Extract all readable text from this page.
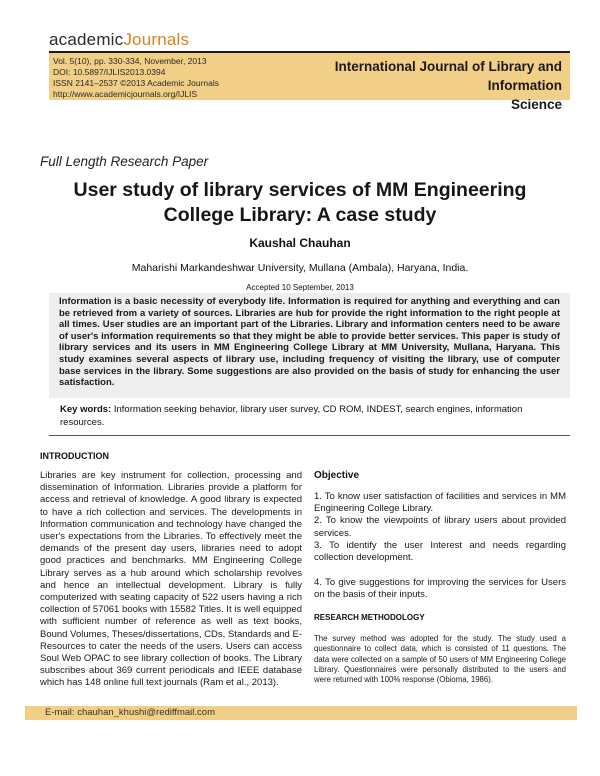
academicJournals
Vol. 5(10), pp. 330-334, November, 2013
DOI: 10.5897/IJLIS2013.0394
ISSN 2141–2537 ©2013 Academic Journals
http://www.academicjournals.org/IJLIS
International Journal of Library and Information
Science
Full Length Research Paper
User study of library services of MM Engineering
College Library: A case study
Kaushal Chauhan
Maharishi Markandeshwar University, Mullana (Ambala), Haryana, India.
Accepted 10 September, 2013
Information is a basic necessity of everybody life. Information is required for anything and everything and can be retrieved from a variety of sources. Libraries are hub for provide the right information to the right people at all times. User studies are an important part of the Libraries. Library and information centers need to be aware of user's information requirements so that they might be able to provide better services. This paper is study of library services and its users in MM Engineering College Library at MM University, Mullana, Haryana. This study examines several aspects of library use, including frequency of visiting the library, use of computer base services in the library. Some suggestions are also provided on the basis of study for enhancing the user satisfaction.
Key words: Information seeking behavior, library user survey, CD ROM, INDEST, search engines, information resources.
INTRODUCTION
Libraries are key instrument for collection, processing and dissemination of Information. Libraries provide a platform for access and retrieval of knowledge. A good library is expected to have a rich collection and services. The developments in Information communication and technology have changed the user's expectations from the Libraries. To effectively meet the demands of the present day users, libraries need to adopt good practices and benchmarks. MM Engineering College Library serves as a hub around which scholarship revolves and hence an intellectual development. Library is fully computerized with seating capacity of 522 users having a rich collection of 57061 books with 15582 Titles. It is well equipped with sufficient number of reference as well as text books, Bound Volumes, Theses/dissertations, CDs, Standards and E-Resources to cater the needs of the users. Users can access Soul Web OPAC to see library collection of books. The Library subscribes about 369 current periodicals and IEEE database which has 148 online full text journals (Ram et al., 2013).
Objective
1. To know user satisfaction of facilities and services in MM Engineering College Library.
2. To know the viewpoints of library users about provided services.
3. To identify the user Interest and needs regarding collection development.
4. To give suggestions for improving the services for Users on the basis of their inputs.
RESEARCH METHODOLOGY
The survey method was adopted for the study. The study used a questionnaire to collect data, which is consisted of 11 questions. The data were collected on a sample of 50 users of MM Engineering College Library. Questionnaires were personally distributed to the users and were returned with 100% response (Obioma, 1986).
E-mail: chauhan_khushi@rediffmail.com
